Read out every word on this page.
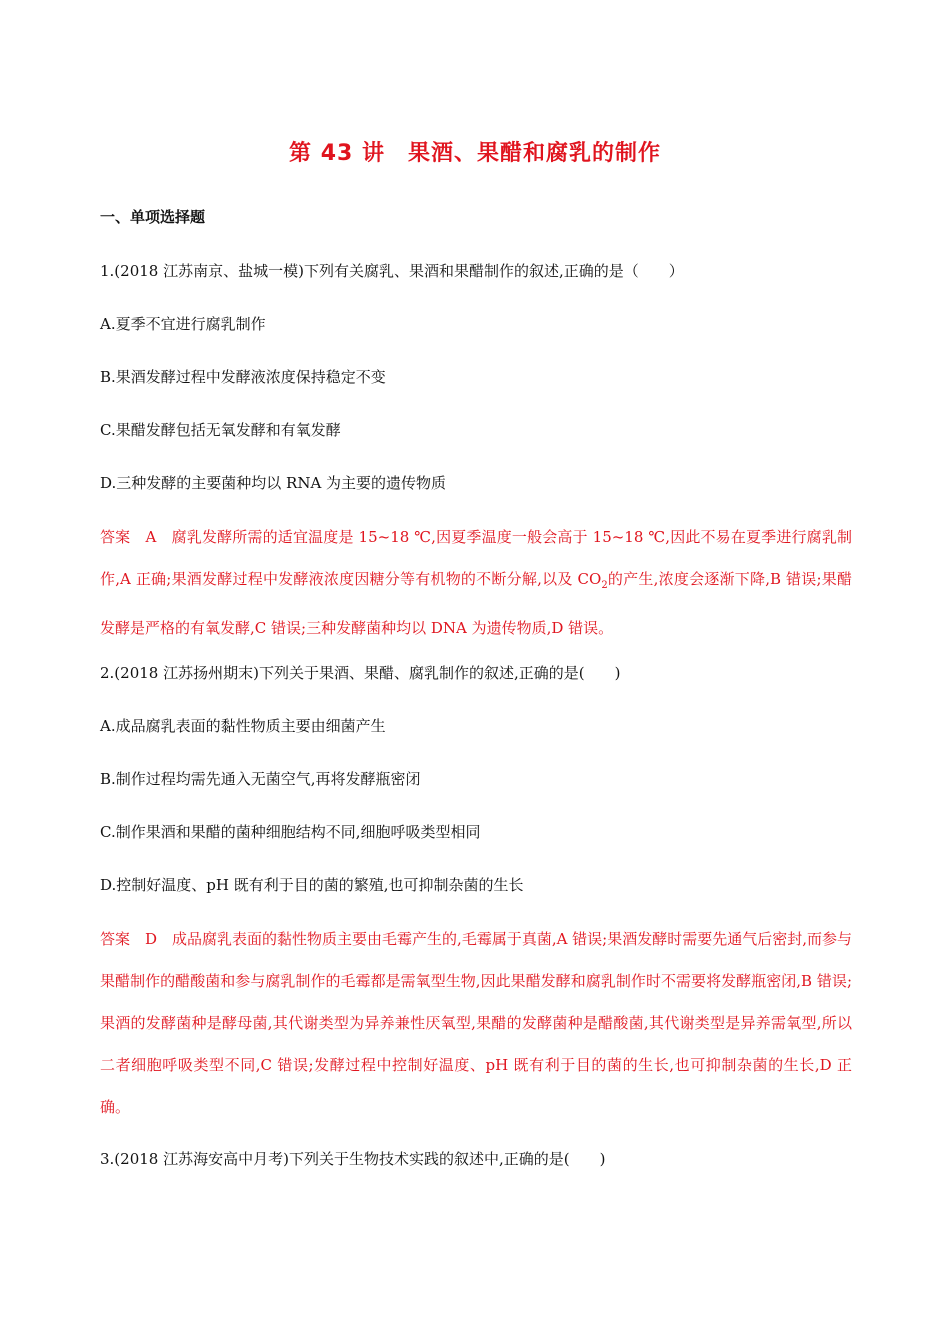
第 43 讲　果酒、果醋和腐乳的制作
一、单项选择题
1.(2018 江苏南京、盐城一模)下列有关腐乳、果酒和果醋制作的叙述,正确的是（　　）
A.夏季不宜进行腐乳制作
B.果酒发酵过程中发酵液浓度保持稳定不变
C.果醋发酵包括无氧发酵和有氧发酵
D.三种发酵的主要菌种均以 RNA 为主要的遗传物质
答案　A　 腐乳发酵所需的适宜温度是 15~18 ℃,因夏季温度一般会高于 15~18 ℃,因此不易在夏季进行腐乳制作,A 正确;果酒发酵过程中发酵液浓度因糖分等有机物的不断分解,以及 $CO_2$的产生,浓度会逐渐下降,B 错误;果醋发酵是严格的有氧发酵,C 错误;三种发酵菌种均以 DNA 为遗传物质,D 错误。
2.(2018 江苏扬州期末)下列关于果酒、果醋、腐乳制作的叙述,正确的是(　　)
A.成品腐乳表面的黏性物质主要由细菌产生
B.制作过程均需先通入无菌空气,再将发酵瓶密闭
C.制作果酒和果醋的菌种细胞结构不同,细胞呼吸类型相同
D.控制好温度、pH 既有利于目的菌的繁殖,也可抑制杂菌的生长
答案　D　 成品腐乳表面的黏性物质主要由毛霉产生的,毛霉属于真菌,A 错误;果酒发酵时需要先通气后密封,而参与果醋制作的醋酸菌和参与腐乳制作的毛霉都是需氧型生物,因此果醋发酵和腐乳制作时不需要将发酵瓶密闭,B 错误;果酒的发酵菌种是酵母菌,其代谢类型为异养兼性厌氧型,果醋的发酵菌种是醋酸菌,其代谢类型是异养需氧型,所以二者细胞呼吸类型不同,C 错误;发酵过程中控制好温度、pH 既有利于目的菌的生长,也可抑制杂菌的生长,D 正确。
3.(2018 江苏海安高中月考)下列关于生物技术实践的叙述中,正确的是(　　)
